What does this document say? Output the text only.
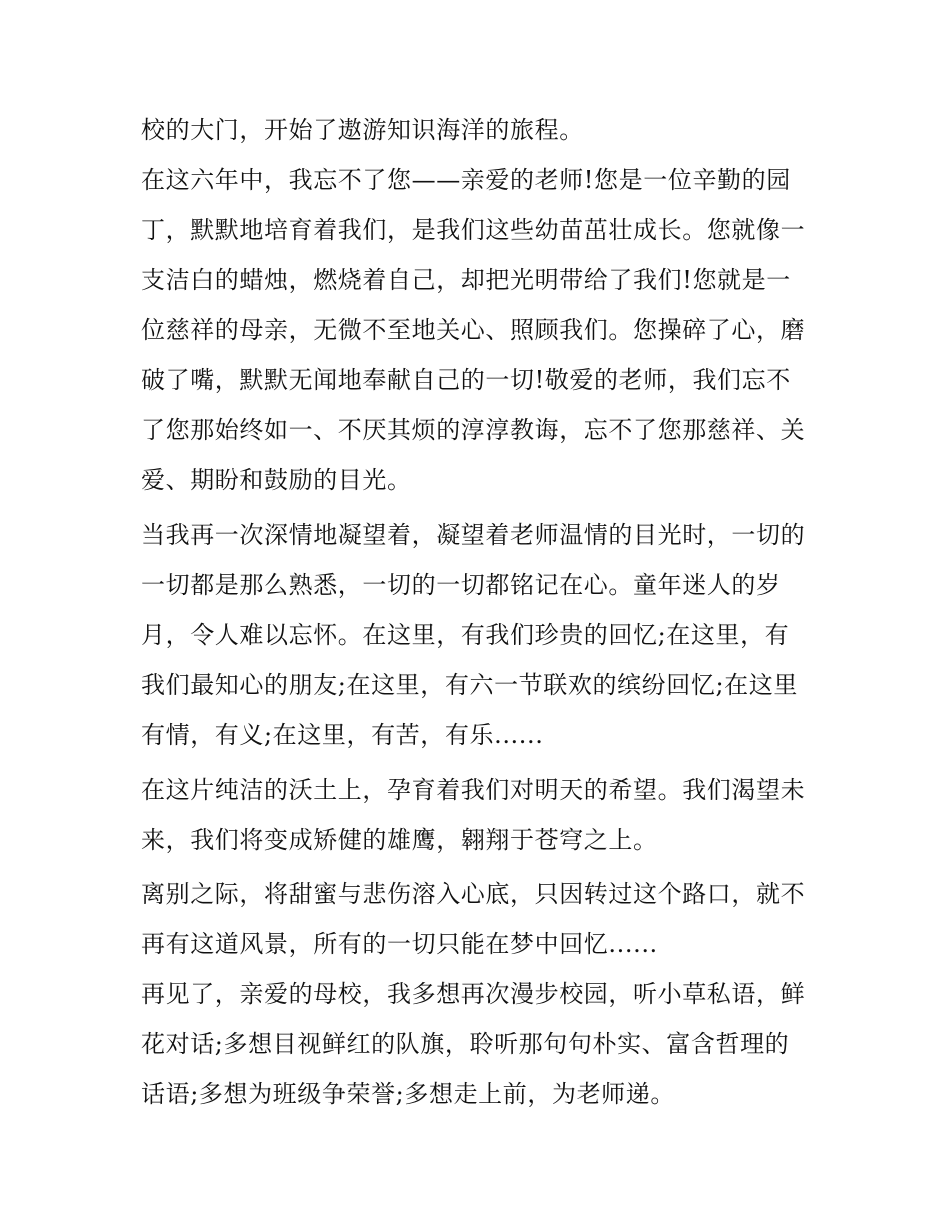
校的大门，开始了遨游知识海洋的旅程。
在这六年中，我忘不了您——亲爱的老师!您是一位辛勤的园
丁，默默地培育着我们，是我们这些幼苗茁壮成长。您就像一
支洁白的蜡烛，燃烧着自己，却把光明带给了我们!您就是一
位慈祥的母亲，无微不至地关心、照顾我们。您操碎了心，磨
破了嘴，默默无闻地奉献自己的一切!敬爱的老师，我们忘不
了您那始终如一、不厌其烦的淳淳教诲，忘不了您那慈祥、关
爱、期盼和鼓励的目光。
当我再一次深情地凝望着，凝望着老师温情的目光时，一切的
一切都是那么熟悉，一切的一切都铭记在心。童年迷人的岁
月，令人难以忘怀。在这里，有我们珍贵的回忆;在这里，有
我们最知心的朋友;在这里，有六一节联欢的缤纷回忆;在这里
有情，有义;在这里，有苦，有乐......
在这片纯洁的沃土上，孕育着我们对明天的希望。我们渴望未
来，我们将变成矫健的雄鹰，翱翔于苍穹之上。
离别之际，将甜蜜与悲伤溶入心底，只因转过这个路口，就不
再有这道风景，所有的一切只能在梦中回忆......
再见了，亲爱的母校，我多想再次漫步校园，听小草私语，鲜
花对话;多想目视鲜红的队旗，聆听那句句朴实、富含哲理的
话语;多想为班级争荣誉;多想走上前，为老师递。
